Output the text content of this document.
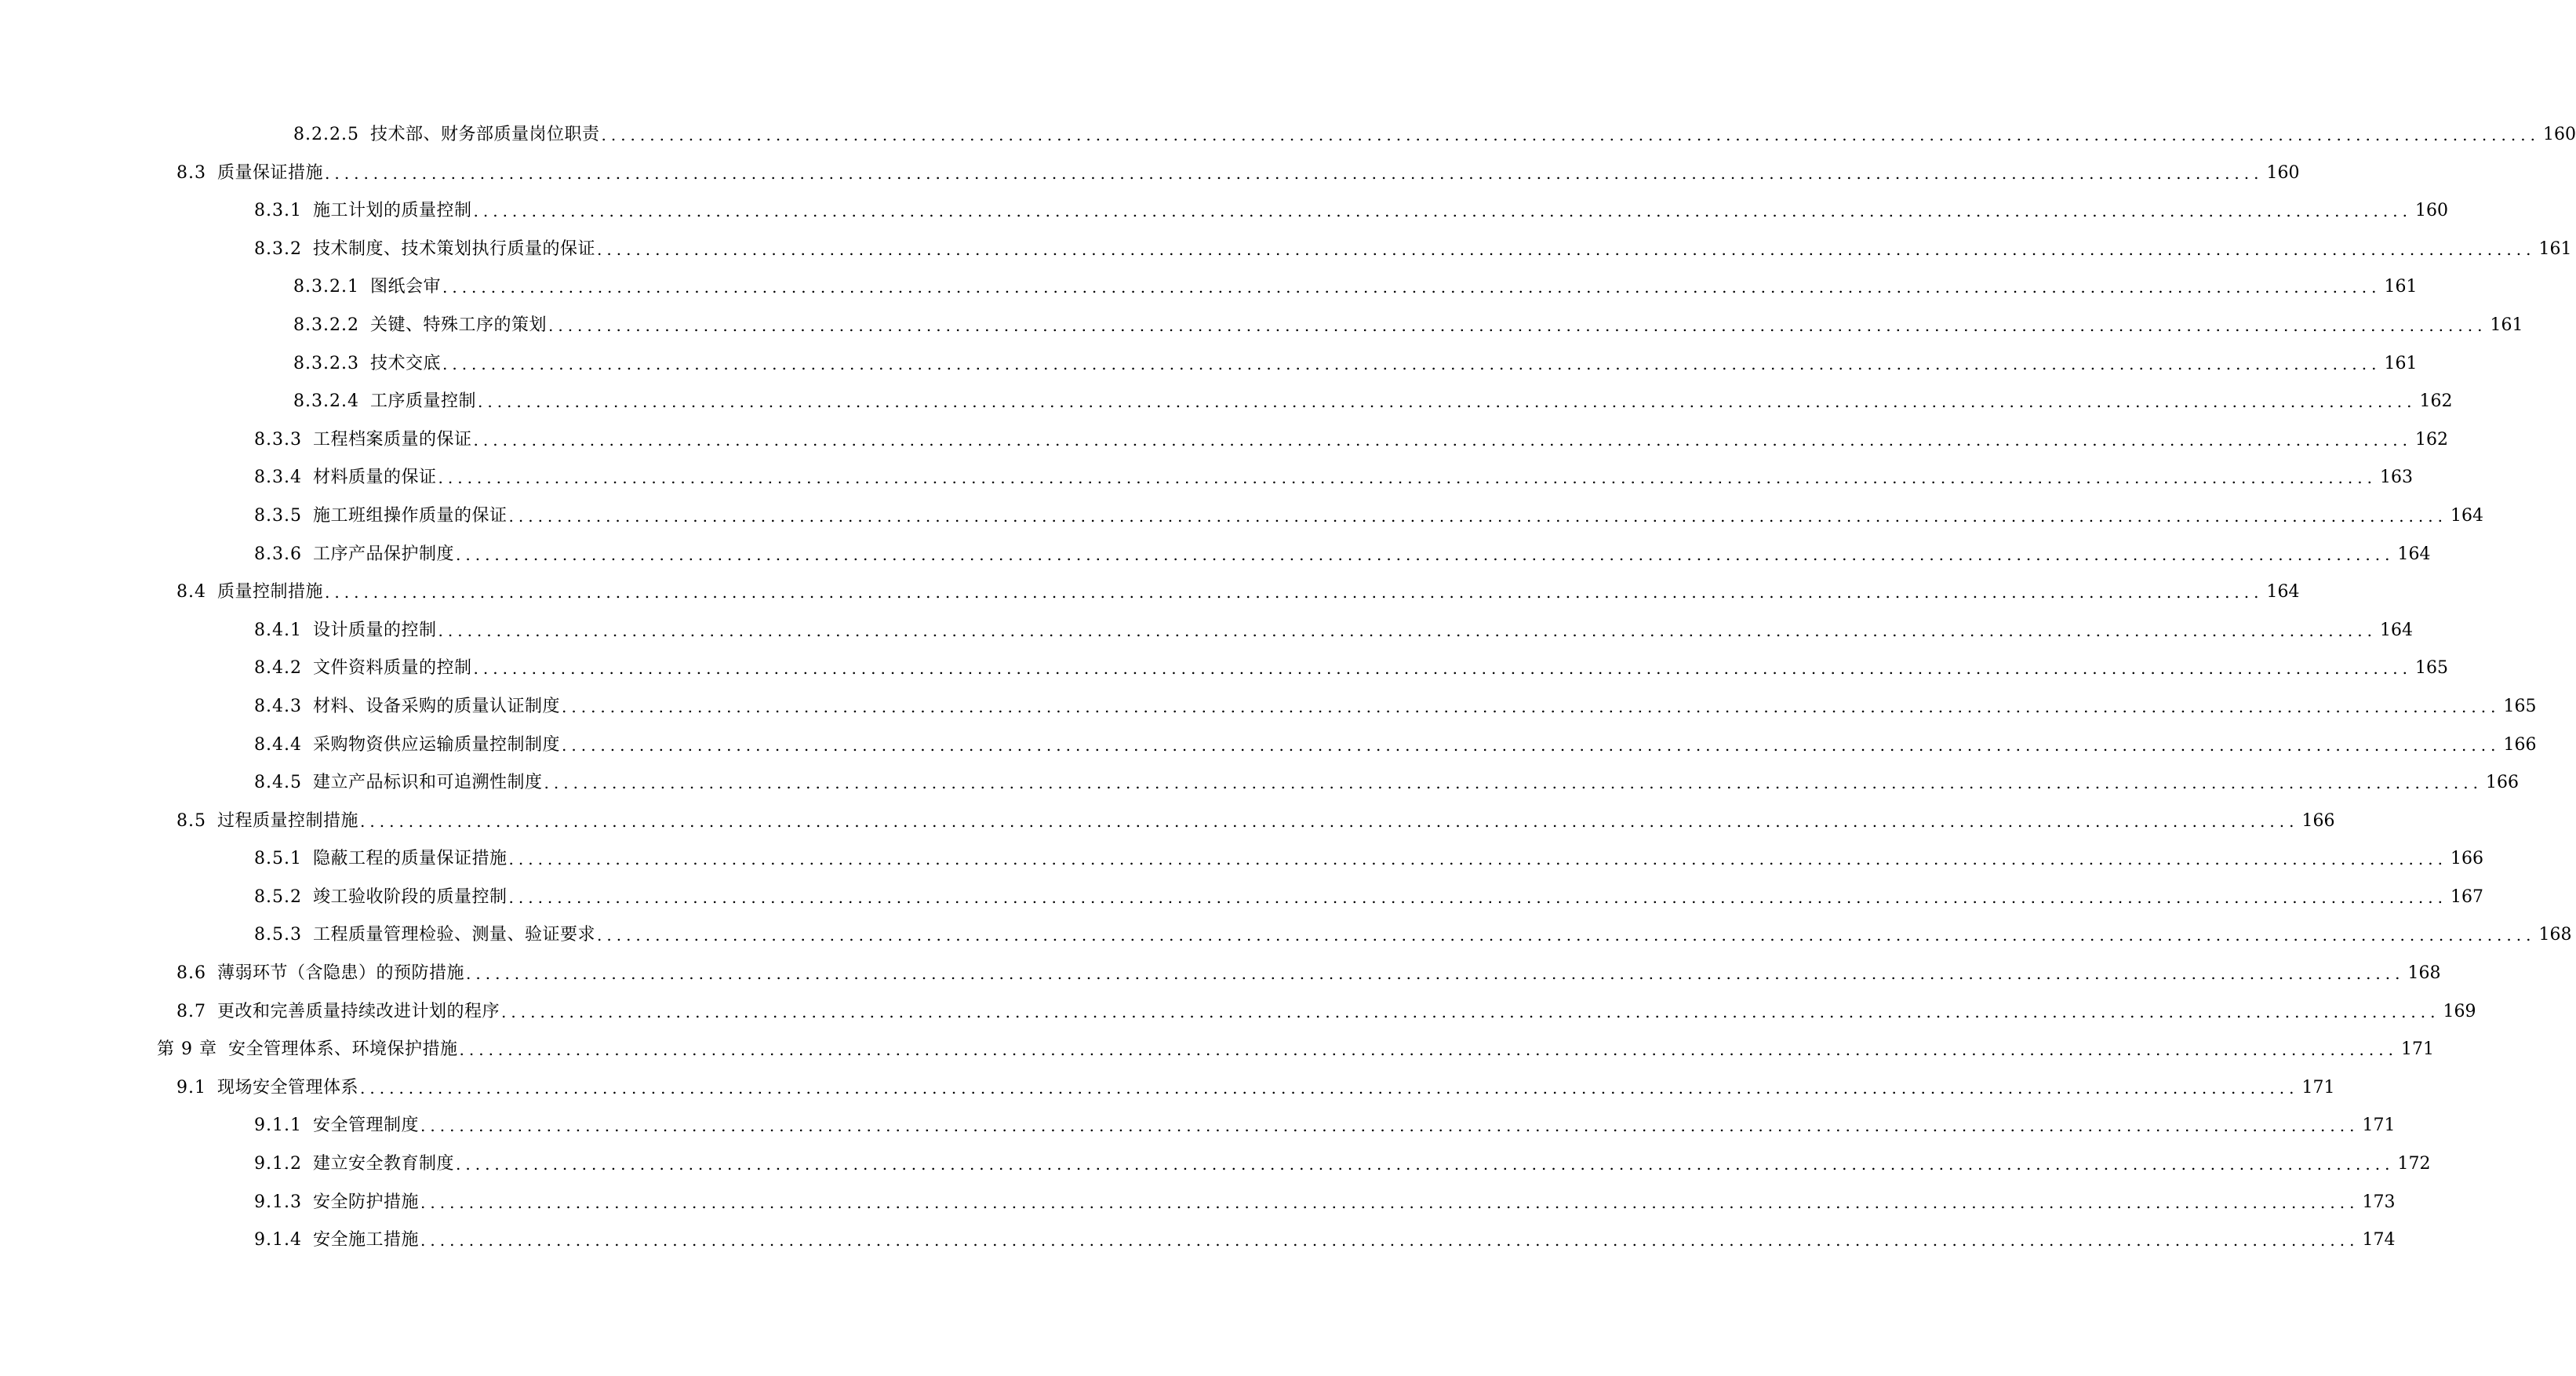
8.2.2.5 技术部、财务部质量岗位职责 ........................................................................................................................................................................................................ 160
8.3 质量保证措施 ........................................................................................................................................................................................................ 160
8.3.1 施工计划的质量控制 ........................................................................................................................................................................................................ 160
8.3.2 技术制度、技术策划执行质量的保证 ........................................................................................................................................................................................................ 161
8.3.2.1 图纸会审 ........................................................................................................................................................................................................ 161
8.3.2.2 关键、特殊工序的策划 ........................................................................................................................................................................................................ 161
8.3.2.3 技术交底 ........................................................................................................................................................................................................ 161
8.3.2.4 工序质量控制 ........................................................................................................................................................................................................ 162
8.3.3 工程档案质量的保证 ........................................................................................................................................................................................................ 162
8.3.4 材料质量的保证 ........................................................................................................................................................................................................ 163
8.3.5 施工班组操作质量的保证 ........................................................................................................................................................................................................ 164
8.3.6 工序产品保护制度 ........................................................................................................................................................................................................ 164
8.4 质量控制措施 ........................................................................................................................................................................................................ 164
8.4.1 设计质量的控制 ........................................................................................................................................................................................................ 164
8.4.2 文件资料质量的控制 ........................................................................................................................................................................................................ 165
8.4.3 材料、设备采购的质量认证制度 ........................................................................................................................................................................................................ 165
8.4.4 采购物资供应运输质量控制制度 ........................................................................................................................................................................................................ 166
8.4.5 建立产品标识和可追溯性制度 ........................................................................................................................................................................................................ 166
8.5 过程质量控制措施 ........................................................................................................................................................................................................ 166
8.5.1 隐蔽工程的质量保证措施 ........................................................................................................................................................................................................ 166
8.5.2 竣工验收阶段的质量控制 ........................................................................................................................................................................................................ 167
8.5.3 工程质量管理检验、测量、验证要求 ........................................................................................................................................................................................................ 168
8.6 薄弱环节（含隐患）的预防措施 ........................................................................................................................................................................................................ 168
8.7 更改和完善质量持续改进计划的程序 ........................................................................................................................................................................................................ 169
第 9 章 安全管理体系、环境保护措施 ........................................................................................................................................................................................................ 171
9.1 现场安全管理体系 ........................................................................................................................................................................................................ 171
9.1.1 安全管理制度 ........................................................................................................................................................................................................ 171
9.1.2 建立安全教育制度 ........................................................................................................................................................................................................ 172
9.1.3 安全防护措施 ........................................................................................................................................................................................................ 173
9.1.4 安全施工措施 ........................................................................................................................................................................................................ 174
